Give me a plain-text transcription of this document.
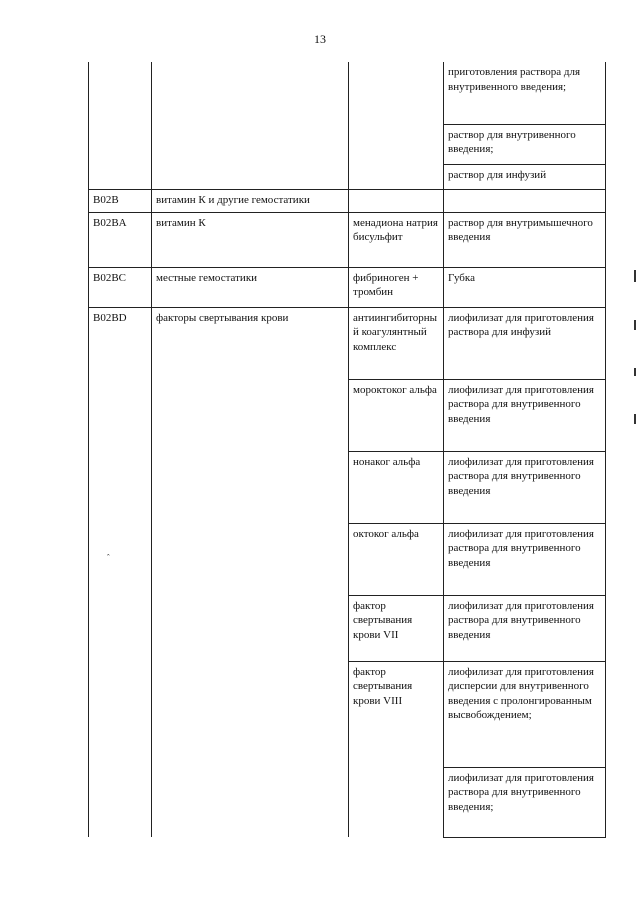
13
			приготовления раствора для внутривенного введения;
			раствор для внутривенного введения;
			раствор для инфузий
B02B	витамин К и другие гемостатики		
B02BA	витамин К	менадиона натрия бисульфит	раствор для внутримышечного введения
B02BC	местные гемостатики	фибриноген + тромбин	Губка
B02BD	факторы свертывания крови	антиингибиторный коагулянтный комплекс	лиофилизат для приготовления раствора для инфузий
		мороктоког альфа	лиофилизат для приготовления раствора для внутривенного введения
		нонаког альфа	лиофилизат для приготовления раствора для внутривенного введения
		октоког альфа	лиофилизат для приготовления раствора для внутривенного введения
		фактор свертывания крови VII	лиофилизат для приготовления раствора для внутривенного введения
		фактор свертывания крови VIII	лиофилизат для приготовления дисперсии для внутривенного введения с пролонгированным высвобождением;
			лиофилизат для приготовления раствора для внутривенного введения;
ˆ
